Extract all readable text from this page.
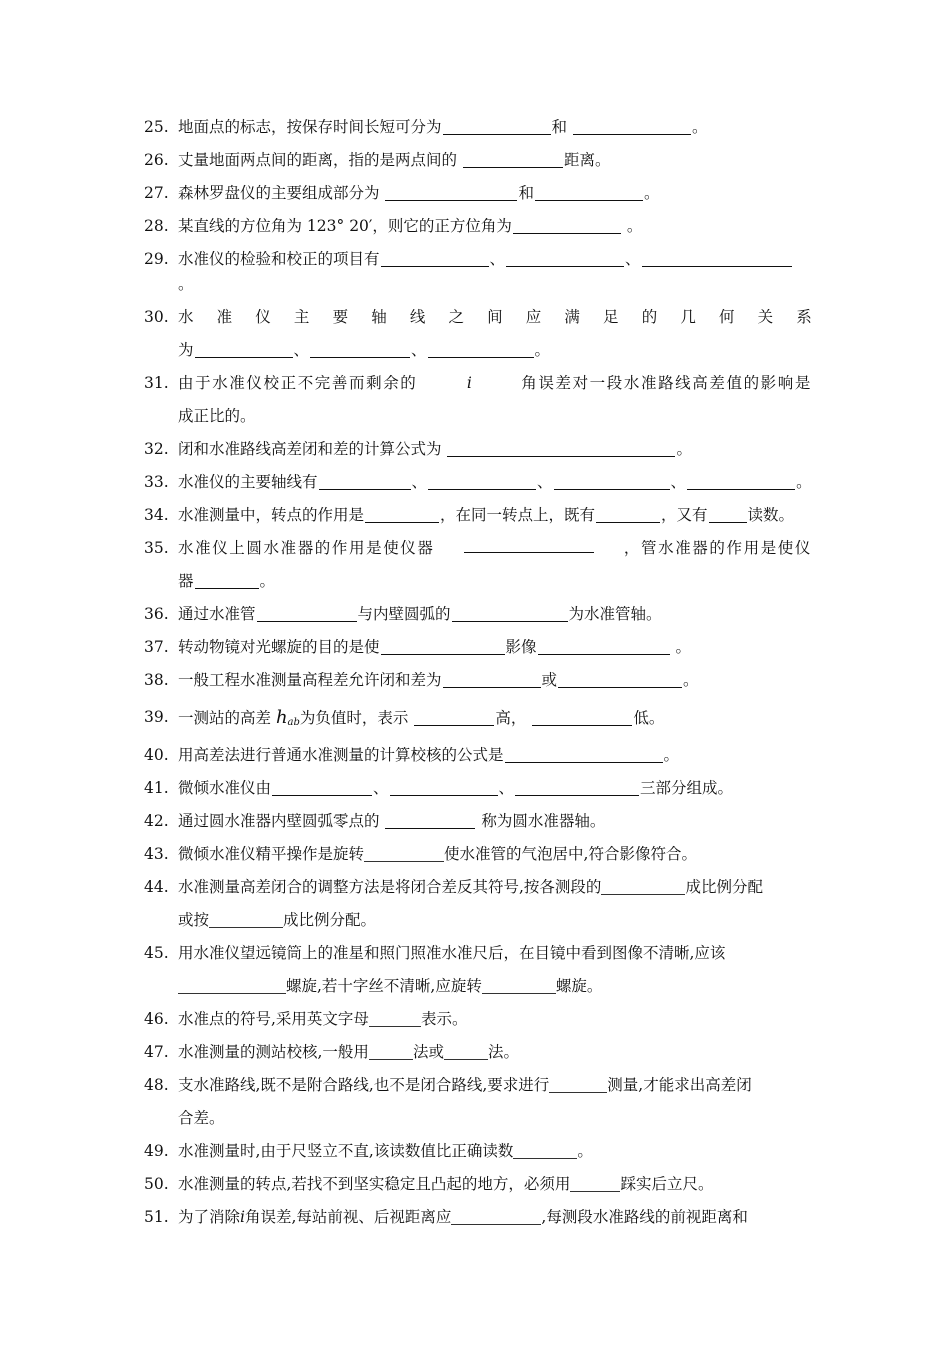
25. 地面点的标志，按保存时间长短可分为	和	。
26. 丈量地面两点间的距离，指的是两点间的	距离。
27. 森林罗盘仪的主要组成部分为	和	。
28. 某直线的方位角为 123° 20′，则它的正方位角为	。
29. 水准仪的检验和校正的项目有	、	、 。
30. 水 准 仪 主 要 轴 线 之 间 应 满 足 的 几 何 关 系
为	、	、	。
31. 由于水准仪校正不完善而剩余的	i	角误差对一段水准路线高差值的影响是
成正比的。
32. 闭和水准路线高差闭和差的计算公式为	。
33. 水准仪的主要轴线有	、	、	、	。
34. 水准测量中，转点的作用是	，在同一转点上，既有	，又有	读数。
35. 水准仪上圆水准器的作用是使仪器	，管水准器的作用是使仪
器	。
36. 通过水准管	与内壁圆弧的	为水准管轴。
37. 转动物镜对光螺旋的目的是使	影像	。
38. 一般工程水准测量高程差允许闭和差为	或	。
39. 一测站的高差 $h_{ab}$为负值时，表示	高，	低。
40. 用高差法进行普通水准测量的计算校核的公式是	。
41. 微倾水准仪由	、	、	三部分组成。
42. 通过圆水准器内壁圆弧零点的	称为圆水准器轴。
43. 微倾水准仪精平操作是旋转	使水准管的气泡居中,符合影像符合。
44. 水准测量高差闭合的调整方法是将闭合差反其符号,按各测段的	成比例分配
或按	成比例分配。
45. 用水准仪望远镜筒上的准星和照门照准水准尺后，在目镜中看到图像不清晰,应该
螺旋,若十字丝不清晰,应旋转	螺旋。
46. 水准点的符号,采用英文字母	表示。
47. 水准测量的测站校核,一般用	法或	法。
48. 支水准路线,既不是附合路线,也不是闭合路线,要求进行	测量,才能求出高差闭
合差。
49. 水准测量时,由于尺竖立不直,该读数值比正确读数	。
50. 水准测量的转点,若找不到坚实稳定且凸起的地方，必须用	踩实后立尺。
51. 为了消除i角误差,每站前视、后视距离应	,每测段水准路线的前视距离和
